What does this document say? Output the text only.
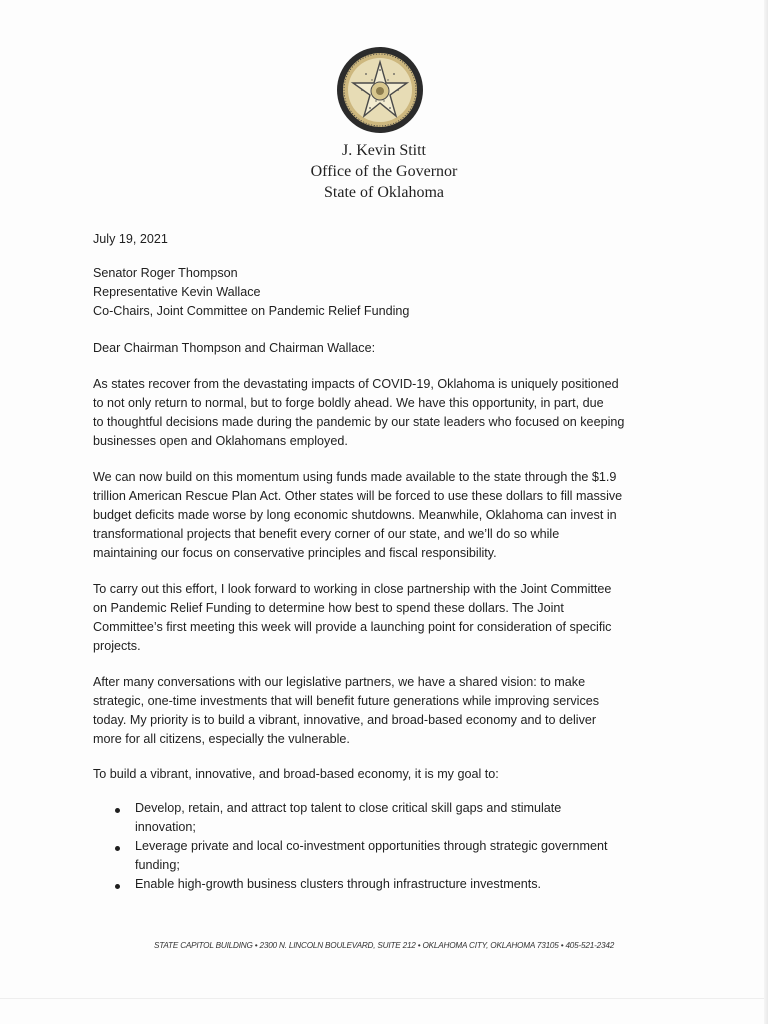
J. Kevin Stitt
Office of the Governor
State of Oklahoma
July 19, 2021
Senator Roger Thompson
Representative Kevin Wallace
Co-Chairs, Joint Committee on Pandemic Relief Funding
Dear Chairman Thompson and Chairman Wallace:
As states recover from the devastating impacts of COVID-19, Oklahoma is uniquely positioned
to not only return to normal, but to forge boldly ahead. We have this opportunity, in part, due
to thoughtful decisions made during the pandemic by our state leaders who focused on keeping
businesses open and Oklahomans employed.
We can now build on this momentum using funds made available to the state through the $1.9
trillion American Rescue Plan Act. Other states will be forced to use these dollars to fill massive
budget deficits made worse by long economic shutdowns. Meanwhile, Oklahoma can invest in
transformational projects that benefit every corner of our state, and we’ll do so while
maintaining our focus on conservative principles and fiscal responsibility.
To carry out this effort, I look forward to working in close partnership with the Joint Committee
on Pandemic Relief Funding to determine how best to spend these dollars. The Joint
Committee’s first meeting this week will provide a launching point for consideration of specific
projects.
After many conversations with our legislative partners, we have a shared vision: to make
strategic, one-time investments that will benefit future generations while improving services
today. My priority is to build a vibrant, innovative, and broad-based economy and to deliver
more for all citizens, especially the vulnerable.
To build a vibrant, innovative, and broad-based economy, it is my goal to:
Develop, retain, and attract top talent to close critical skill gaps and stimulate
innovation;
Leverage private and local co-investment opportunities through strategic government
funding;
Enable high-growth business clusters through infrastructure investments.
STATE CAPITOL BUILDING • 2300 N. LINCOLN BOULEVARD, SUITE 212 • OKLAHOMA CITY, OKLAHOMA 73105 • 405-521-2342
